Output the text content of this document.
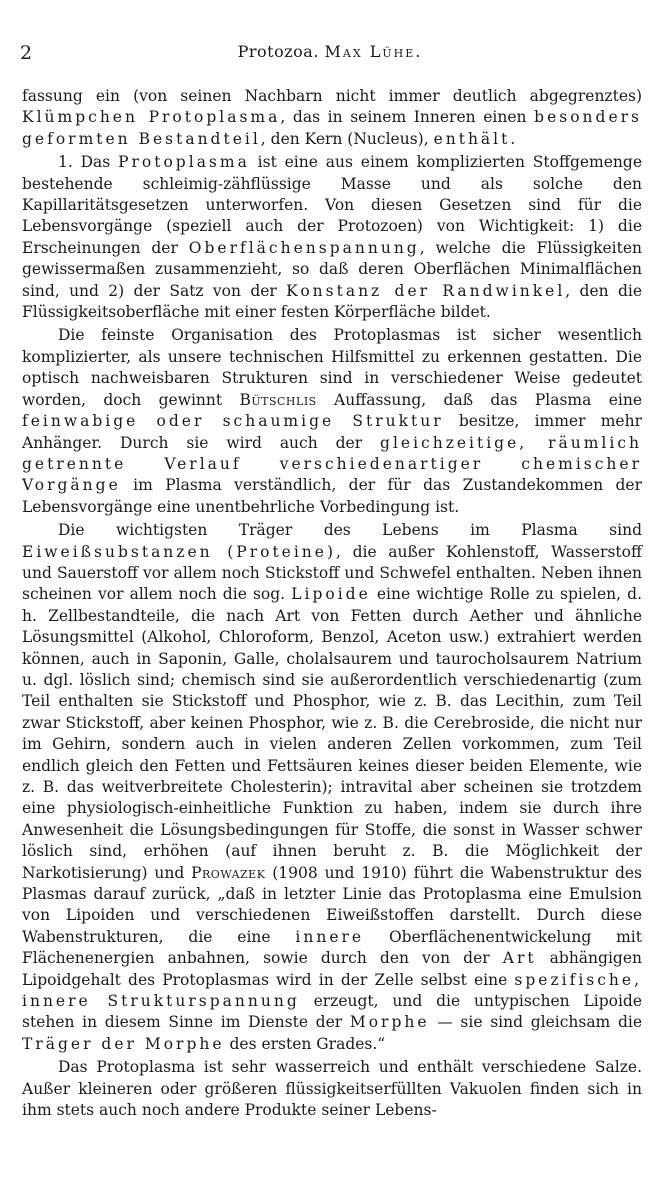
2	Protozoa. Max Lühe.

fassung ein (von seinen Nachbarn nicht immer deutlich abgegrenztes) Klümpchen Protoplasma, das in seinem Inneren einen besonders geformten Bestandteil, den Kern (Nucleus), enthält.

1. Das Protoplasma ist eine aus einem komplizierten Stoffgemenge bestehende schleimig-zähflüssige Masse und als solche den Kapillaritätsgesetzen unterworfen. Von diesen Gesetzen sind für die Lebensvorgänge (speziell auch der Protozoen) von Wichtigkeit: 1) die Erscheinungen der Oberflächenspannung, welche die Flüssigkeiten gewissermaßen zusammenzieht, so daß deren Oberflächen Minimalflächen sind, und 2) der Satz von der Konstanz der Randwinkel, den die Flüssigkeitsoberfläche mit einer festen Körperfläche bildet.

Die feinste Organisation des Protoplasmas ist sicher wesentlich komplizierter, als unsere technischen Hilfsmittel zu erkennen gestatten. Die optisch nachweisbaren Strukturen sind in verschiedener Weise gedeutet worden, doch gewinnt Bütschlis Auffassung, daß das Plasma eine feinwabige oder schaumige Struktur besitze, immer mehr Anhänger. Durch sie wird auch der gleichzeitige, räumlich getrennte Verlauf verschiedenartiger chemischer Vorgänge im Plasma verständlich, der für das Zustandekommen der Lebensvorgänge eine unentbehrliche Vorbedingung ist.

Die wichtigsten Träger des Lebens im Plasma sind Eiweißsubstanzen (Proteine), die außer Kohlenstoff, Wasserstoff und Sauerstoff vor allem noch Stickstoff und Schwefel enthalten. Neben ihnen scheinen vor allem noch die sog. Lipoide eine wichtige Rolle zu spielen, d. h. Zellbestandteile, die nach Art von Fetten durch Aether und ähnliche Lösungsmittel (Alkohol, Chloroform, Benzol, Aceton usw.) extrahiert werden können, auch in Saponin, Galle, cholalsaurem und taurocholsaurem Natrium u. dgl. löslich sind; chemisch sind sie außerordentlich verschiedenartig (zum Teil enthalten sie Stickstoff und Phosphor, wie z. B. das Lecithin, zum Teil zwar Stickstoff, aber keinen Phosphor, wie z. B. die Cerebroside, die nicht nur im Gehirn, sondern auch in vielen anderen Zellen vorkommen, zum Teil endlich gleich den Fetten und Fettsäuren keines dieser beiden Elemente, wie z. B. das weitverbreitete Cholesterin); intravital aber scheinen sie trotzdem eine physiologisch-einheitliche Funktion zu haben, indem sie durch ihre Anwesenheit die Lösungsbedingungen für Stoffe, die sonst in Wasser schwer löslich sind, erhöhen (auf ihnen beruht z. B. die Möglichkeit der Narkotisierung) und Prowazek (1908 und 1910) führt die Wabenstruktur des Plasmas darauf zurück, „daß in letzter Linie das Protoplasma eine Emulsion von Lipoiden und verschiedenen Eiweißstoffen darstellt. Durch diese Wabenstrukturen, die eine innere Oberflächenentwickelung mit Flächenenergien anbahnen, sowie durch den von der Art abhängigen Lipoidgehalt des Protoplasmas wird in der Zelle selbst eine spezifische, innere Strukturspannung erzeugt, und die untypischen Lipoide stehen in diesem Sinne im Dienste der Morphe — sie sind gleichsam die Träger der Morphe des ersten Grades.“

Das Protoplasma ist sehr wasserreich und enthält verschiedene Salze. Außer kleineren oder größeren flüssigkeitserfüllten Vakuolen finden sich in ihm stets auch noch andere Produkte seiner Lebens-
